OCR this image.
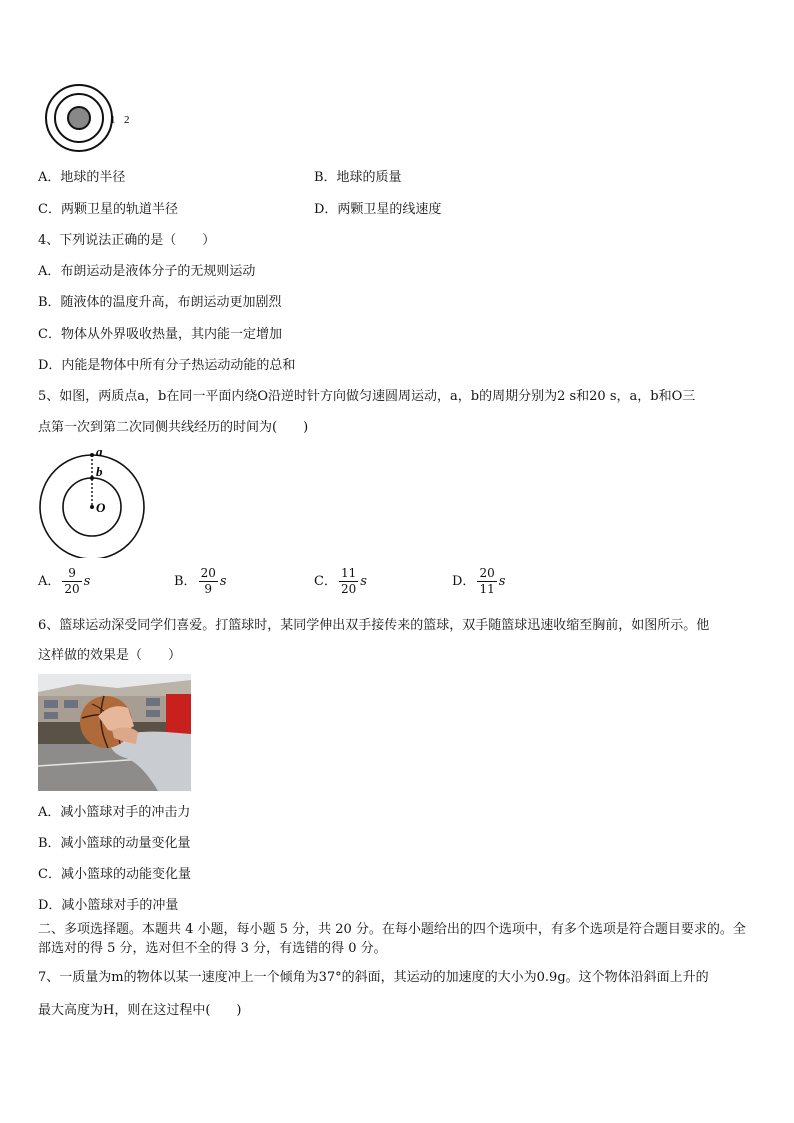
1 2
A．地球的半径	B．地球的质量
C．两颗卫星的轨道半径	D．两颗卫星的线速度
4、下列说法正确的是（　　）
A．布朗运动是液体分子的无规则运动
B．随液体的温度升高，布朗运动更加剧烈
C．物体从外界吸收热量，其内能一定增加
D．内能是物体中所有分子热运动动能的总和
5、如图，两质点a，b在同一平面内绕O沿逆时针方向做匀速圆周运动，a，b的周期分别为2 s和20 s，a，b和O三
点第一次到第二次同侧共线经历的时间为(　　)
a
b
O
A． $\frac{9}{20}$ s	B． $\frac{20}{9}$ s	C． $\frac{11}{20}$ s	D． $\frac{20}{11}$ s
6、篮球运动深受同学们喜爱。打篮球时，某同学伸出双手接传来的篮球，双手随篮球迅速收缩至胸前，如图所示。他
这样做的效果是（　　）
A．减小篮球对手的冲击力
B．减小篮球的动量变化量
C．减小篮球的动能变化量
D．减小篮球对手的冲量
二、多项选择题。本题共 4 小题，每小题 5 分，共 20 分。在每小题给出的四个选项中，有多个选项是符合题目要求的。全部选对的得 5 分，选对但不全的得 3 分，有选错的得 0 分。
7、一质量为m的物体以某一速度冲上一个倾角为37°的斜面，其运动的加速度的大小为0.9g。这个物体沿斜面上升的
最大高度为H，则在这过程中(　　)
